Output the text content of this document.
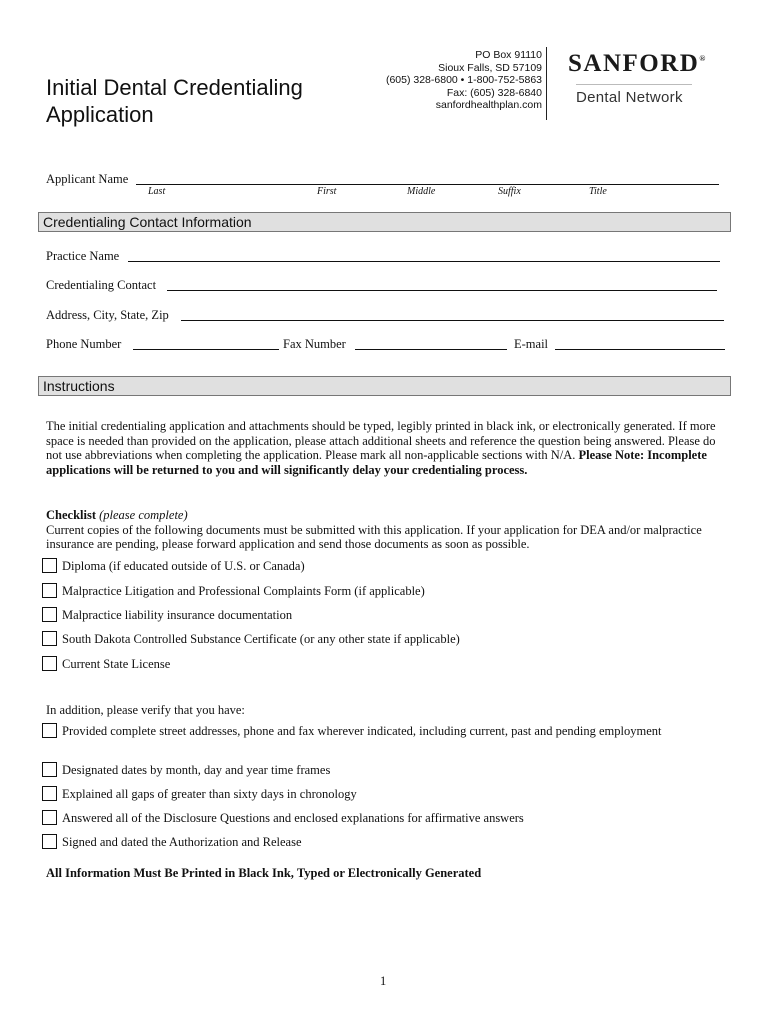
Initial Dental Credentialing
Application
PO Box 91110
Sioux Falls, SD 57109
(605) 328-6800 • 1-800-752-5863
Fax: (605) 328-6840
sanfordhealthplan.com
SANFORD®
Dental Network
Applicant Name
Last	First	Middle	Suffix	Title
Credentialing Contact Information
Practice Name
Credentialing Contact
Address, City, State, Zip
Phone Number	Fax Number	E-mail
Instructions
The initial credentialing application and attachments should be typed, legibly printed in black ink, or electronically generated. If more space is needed than provided on the application, please attach additional sheets and reference the question being answered. Please do not use abbreviations when completing the application. Please mark all non-applicable sections with N/A. Please Note: Incomplete applications will be returned to you and will significantly delay your credentialing process.
Checklist (please complete)
Current copies of the following documents must be submitted with this application. If your application for DEA and/or malpractice insurance are pending, please forward application and send those documents as soon as possible.
Diploma (if educated outside of U.S. or Canada)
Malpractice Litigation and Professional Complaints Form (if applicable)
Malpractice liability insurance documentation
South Dakota Controlled Substance Certificate (or any other state if applicable)
Current State License
In addition, please verify that you have:
Provided complete street addresses, phone and fax wherever indicated, including current, past and pending employment
Designated dates by month, day and year time frames
Explained all gaps of greater than sixty days in chronology
Answered all of the Disclosure Questions and enclosed explanations for affirmative answers
Signed and dated the Authorization and Release
All Information Must Be Printed in Black Ink, Typed or Electronically Generated
1
